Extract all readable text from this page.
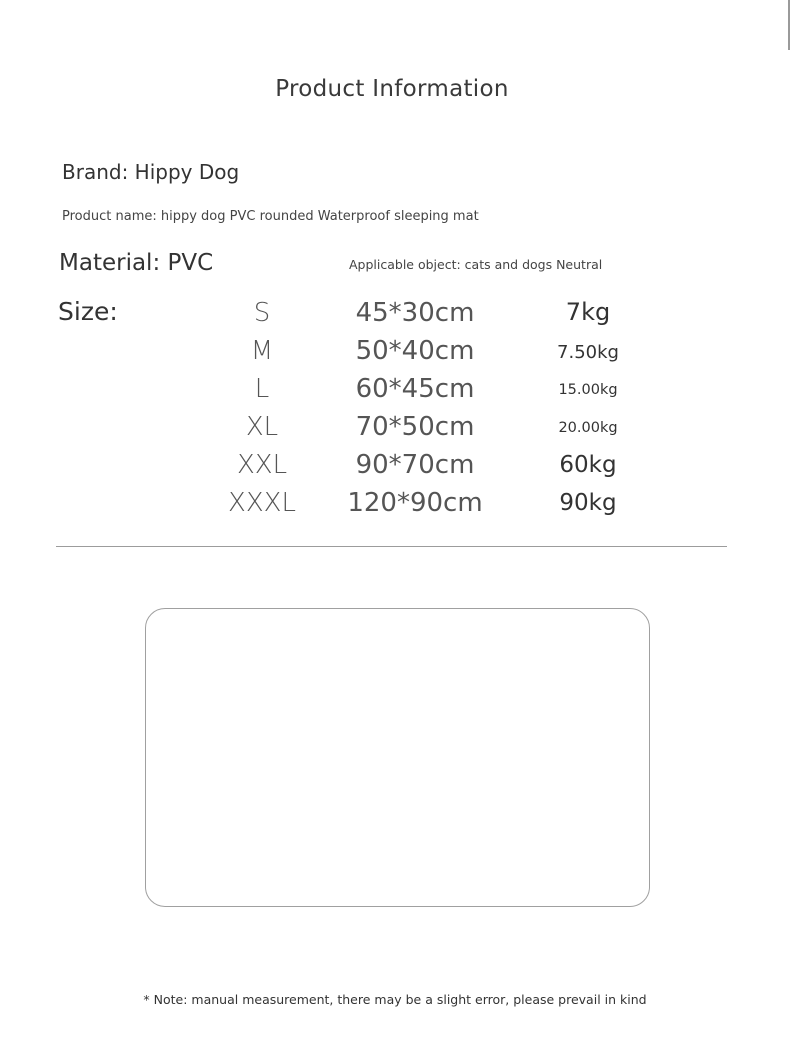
Product Information
Brand: Hippy Dog
Product name: hippy dog PVC rounded Waterproof sleeping mat
Material: PVC	Applicable object: cats and dogs Neutral
Size:	S	45*30cm	7kg
M	50*40cm	7.50kg
L	60*45cm	15.00kg
XL	70*50cm	20.00kg
XXL	90*70cm	60kg
XXXL 120*90cm	90kg
* Note: manual measurement, there may be a slight error, please prevail in kind
